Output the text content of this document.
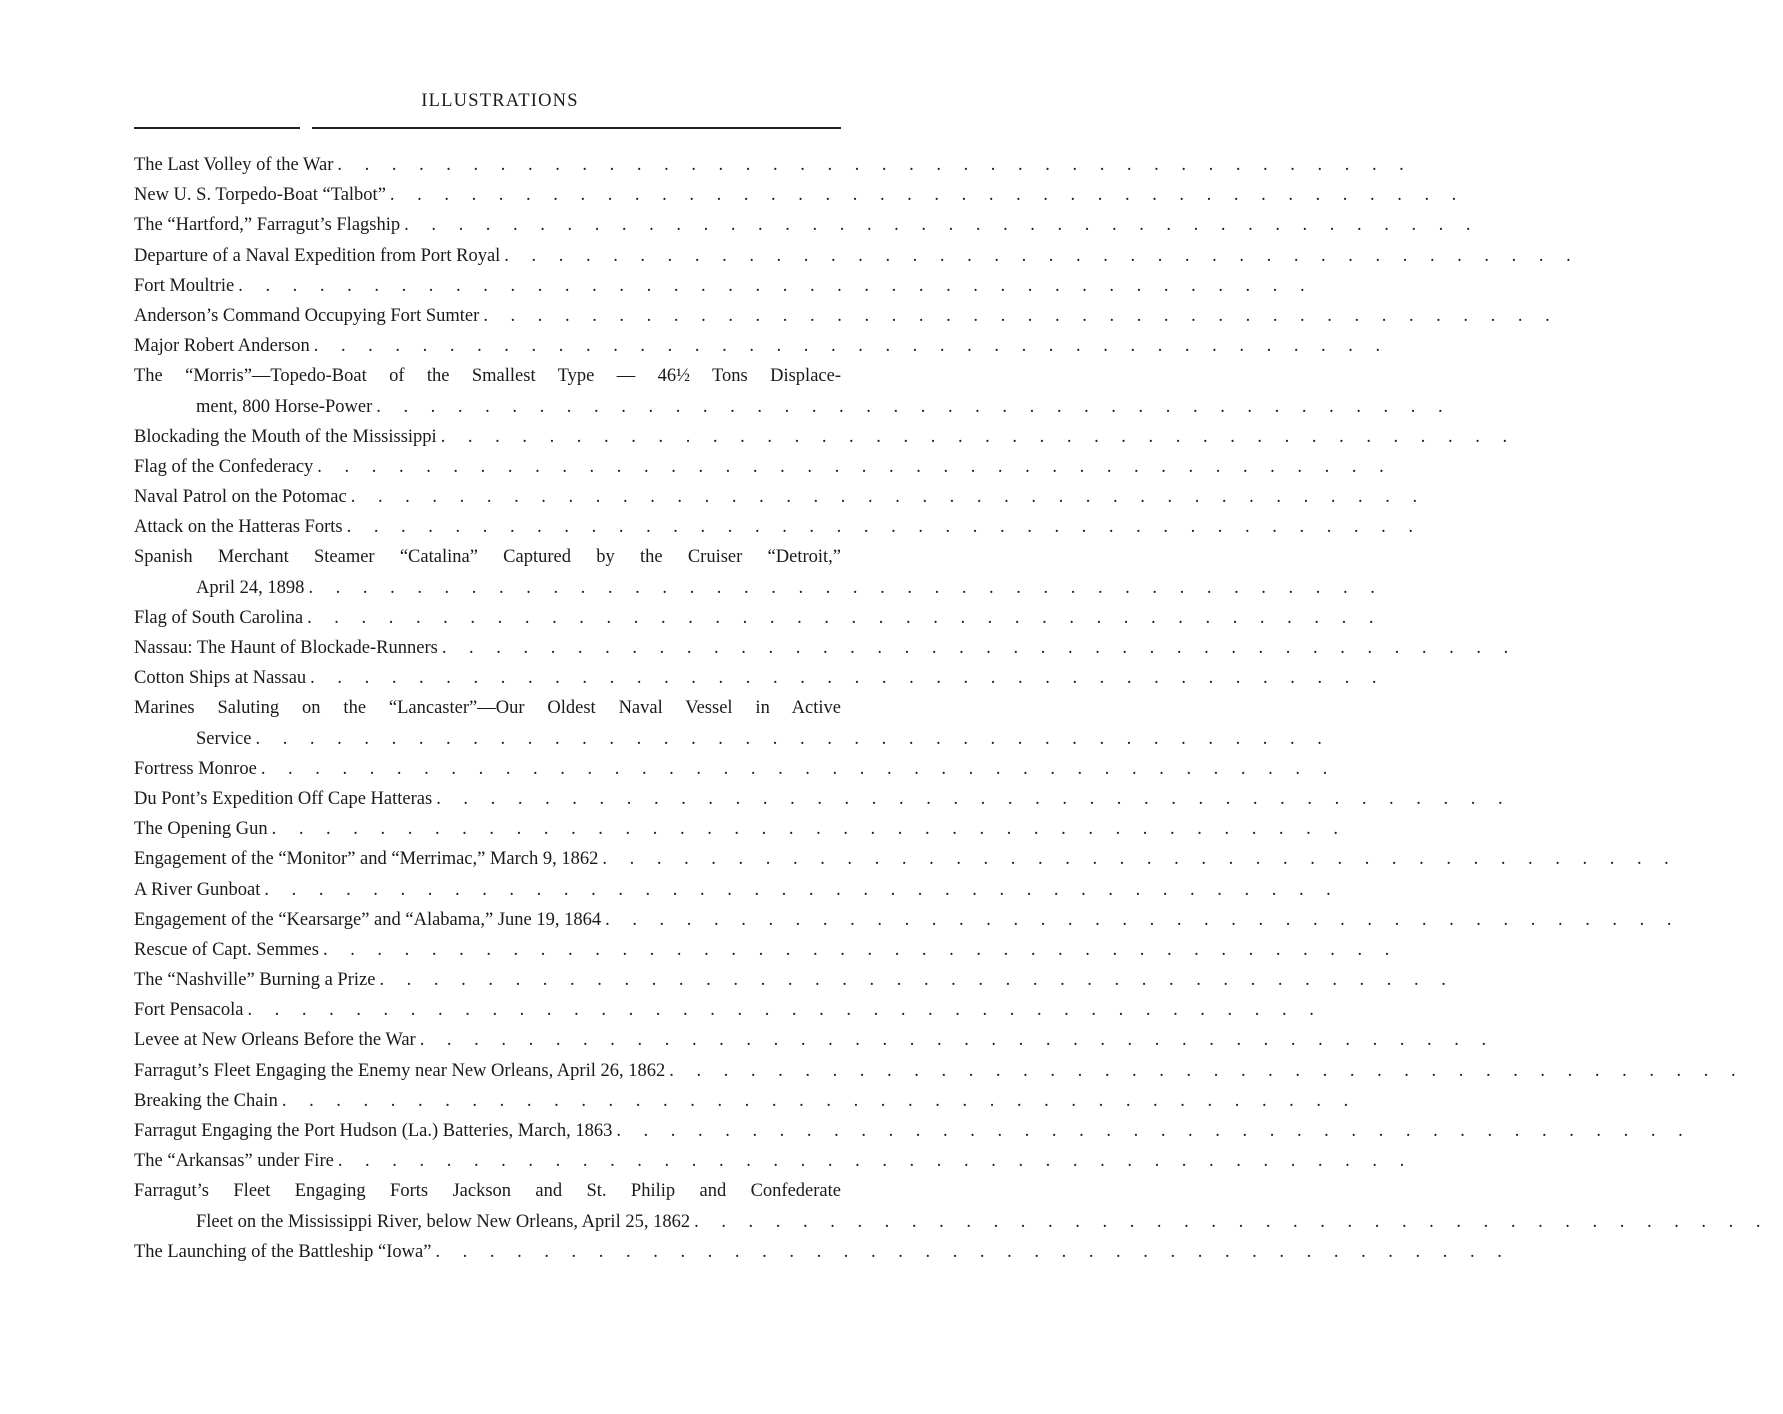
ILLUSTRATIONS
The Last Volley of the War ........................................
New U. S. Torpedo-Boat “Talbot” ........................................
The “Hartford,” Farragut’s Flagship ........................................
Departure of a Naval Expedition from Port Royal ........................................
Fort Moultrie ........................................
Anderson’s Command Occupying Fort Sumter ........................................
Major Robert Anderson ........................................
The “Morris”—Topedo-Boat of the Smallest Type — 46½ Tons Displace-
ment, 800 Horse-Power ........................................
Blockading the Mouth of the Mississippi ........................................
Flag of the Confederacy ........................................
Naval Patrol on the Potomac ........................................
Attack on the Hatteras Forts ........................................
Spanish Merchant Steamer “Catalina” Captured by the Cruiser “Detroit,”
April 24, 1898 ........................................
Flag of South Carolina ........................................
Nassau: The Haunt of Blockade-Runners ........................................
Cotton Ships at Nassau ........................................
Marines Saluting on the “Lancaster”—Our Oldest Naval Vessel in Active
Service ........................................
Fortress Monroe ........................................
Du Pont’s Expedition Off Cape Hatteras ........................................
The Opening Gun ........................................
Engagement of the “Monitor” and “Merrimac,” March 9, 1862 ........................................
A River Gunboat ........................................
Engagement of the “Kearsarge” and “Alabama,” June 19, 1864 ........................................
Rescue of Capt. Semmes ........................................
The “Nashville” Burning a Prize ........................................
Fort Pensacola ........................................
Levee at New Orleans Before the War ........................................
Farragut’s Fleet Engaging the Enemy near New Orleans, April 26, 1862 ........................................
Breaking the Chain ........................................
Farragut Engaging the Port Hudson (La.) Batteries, March, 1863 ........................................
The “Arkansas” under Fire ........................................
Farragut’s Fleet Engaging Forts Jackson and St. Philip and Confederate
Fleet on the Mississippi River, below New Orleans, April 25, 1862 ........................................
The Launching of the Battleship “Iowa” ........................................
